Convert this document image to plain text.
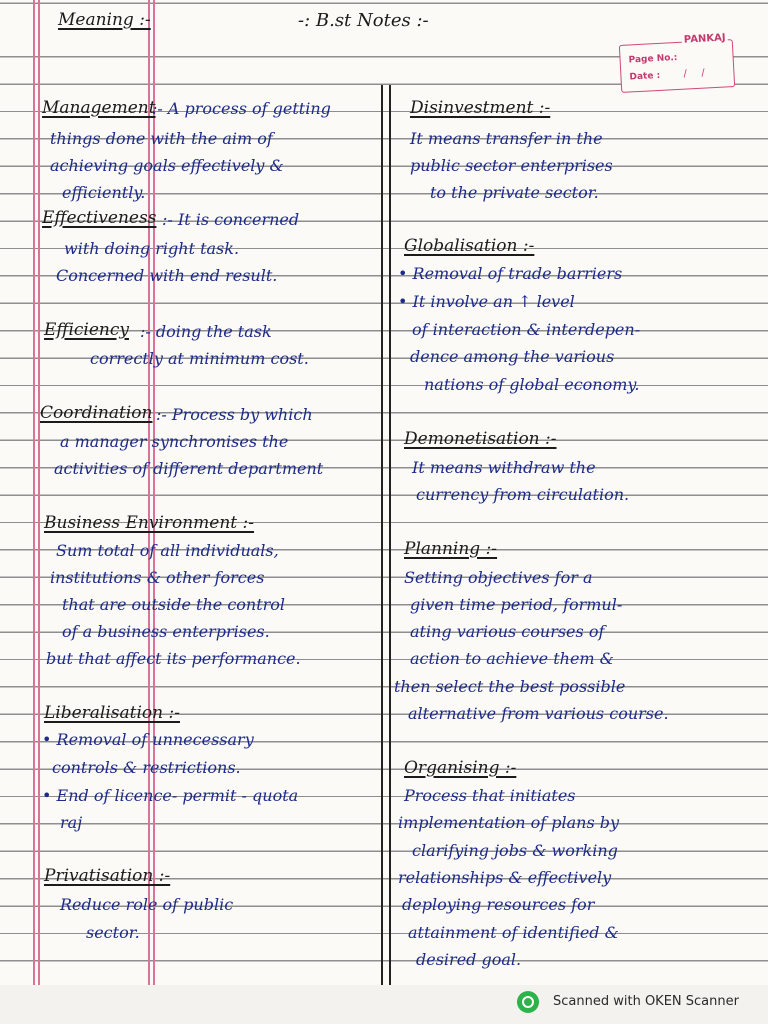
Meaning :-	-: B.st Notes :-
PANKAJ
Page No.:
Date : / /
Management
:- A process of getting
things done with the aim of
achieving goals effectively &
efficiently.
Effectiveness :- It is concerned
with doing right task.
Concerned with end result.
Efficiency :- doing the task
correctly at minimum cost.
Coordination :- Process by which
a manager synchronises the
activities of different department
Business Environment :-
Sum total of all individuals,
institutions & other forces
that are outside the control
of a business enterprises.
but that affect its performance.
Liberalisation :-
• Removal of unnecessary
controls & restrictions.
• End of licence- permit - quota
raj
Privatisation :-
Reduce role of public
sector.
Disinvestment :-
It means transfer in the
public sector enterprises
to the private sector.
Globalisation :-
• Removal of trade barriers
• It involve an ↑ level
of interaction & interdepen-
dence among the various
nations of global economy.
Demonetisation :-
It means withdraw the
currency from circulation.
Planning :-
Setting objectives for a
given time period, formul-
ating various courses of
action to achieve them &
then select the best possible
alternative from various course.
Organising :-
Process that initiates
implementation of plans by
clarifying jobs & working
relationships & effectively
deploying resources for
attainment of identified &
desired goal.
Scanned with OKEN Scanner
